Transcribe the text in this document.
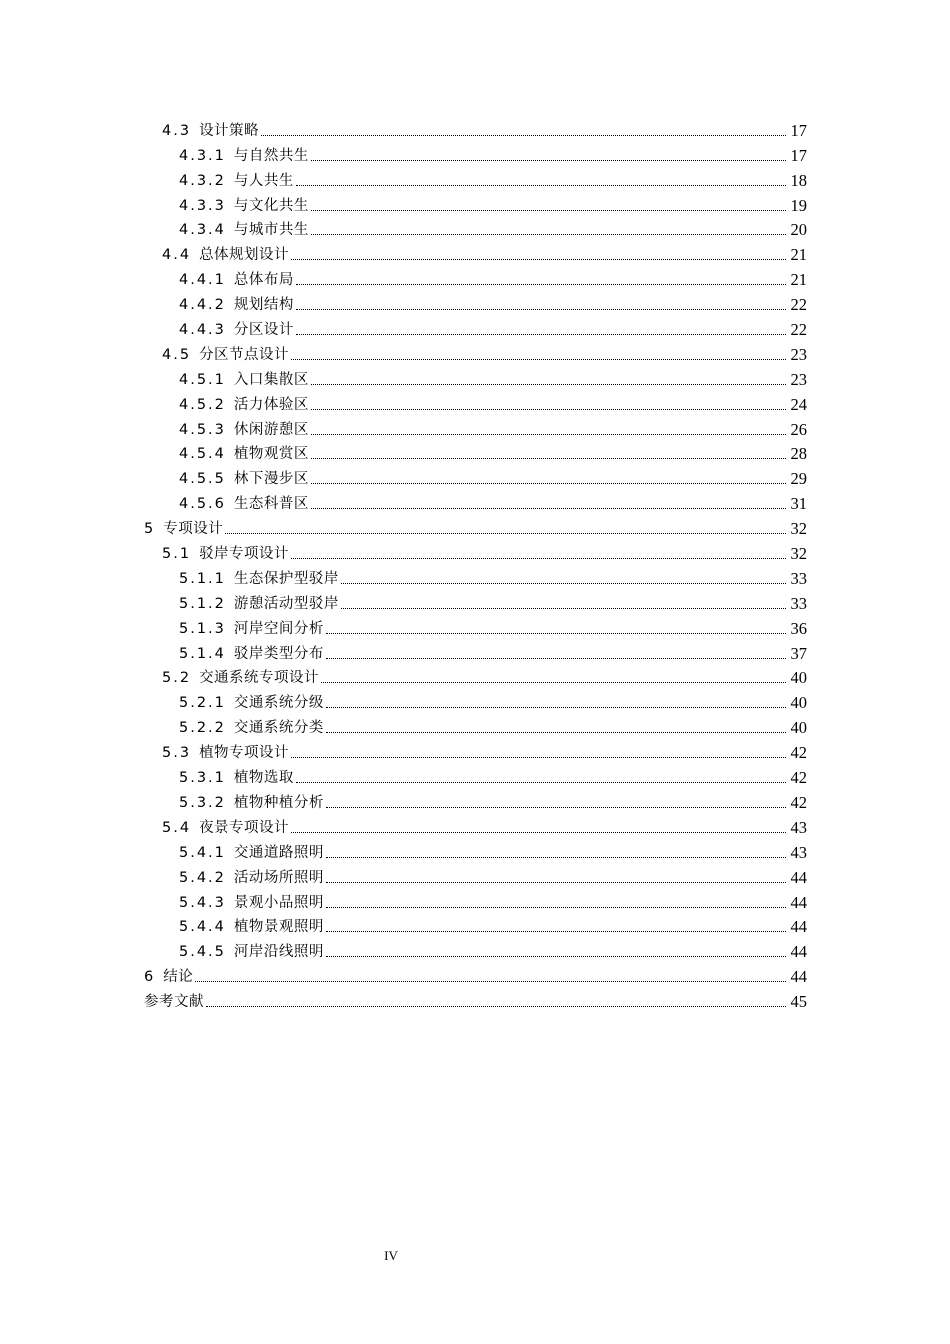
4.3 设计策略	17
4.3.1 与自然共生	17
4.3.2 与人共生	18
4.3.3 与文化共生	19
4.3.4 与城市共生	20
4.4 总体规划设计	21
4.4.1 总体布局	21
4.4.2 规划结构	22
4.4.3 分区设计	22
4.5 分区节点设计	23
4.5.1 入口集散区	23
4.5.2 活力体验区	24
4.5.3 休闲游憩区	26
4.5.4 植物观赏区	28
4.5.5 林下漫步区	29
4.5.6 生态科普区	31
5 专项设计	32
5.1 驳岸专项设计	32
5.1.1 生态保护型驳岸	33
5.1.2 游憩活动型驳岸	33
5.1.3 河岸空间分析	36
5.1.4 驳岸类型分布	37
5.2 交通系统专项设计	40
5.2.1 交通系统分级	40
5.2.2 交通系统分类	40
5.3 植物专项设计	42
5.3.1 植物选取	42
5.3.2 植物种植分析	42
5.4 夜景专项设计	43
5.4.1 交通道路照明	43
5.4.2 活动场所照明	44
5.4.3 景观小品照明	44
5.4.4 植物景观照明	44
5.4.5 河岸沿线照明	44
6 结论	44
参考文献	45
IV
